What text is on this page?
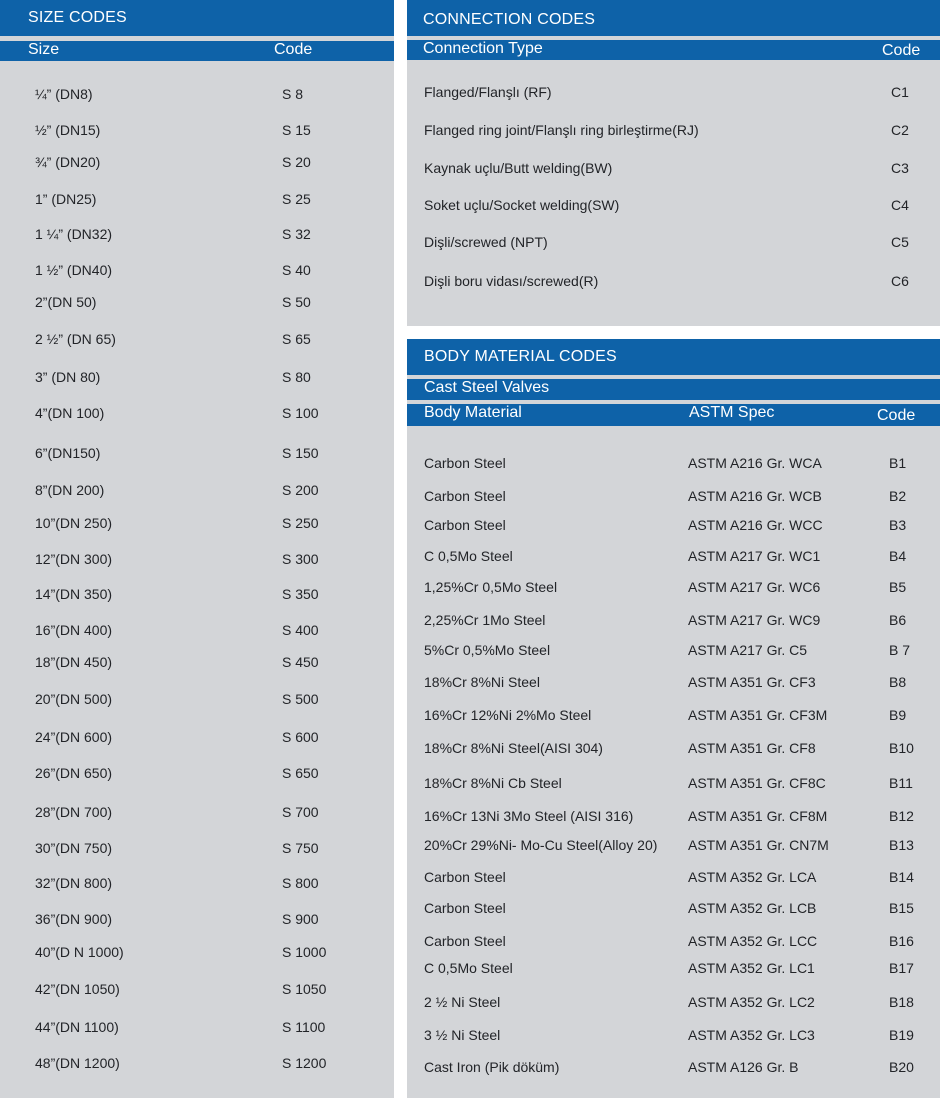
SIZE CODES
Size	Code
¼” (DN8)	S 8
½” (DN15)	S 15
¾” (DN20)	S 20
1” (DN25)	S 25
1 ¼” (DN32)	S 32
1 ½” (DN40)	S 40
2”(DN 50)	S 50
2 ½” (DN 65)	S 65
3” (DN 80)	S 80
4”(DN 100)	S 100
6”(DN150)	S 150
8”(DN 200)	S 200
10”(DN 250)	S 250
12”(DN 300)	S 300
14”(DN 350)	S 350
16”(DN 400)	S 400
18”(DN 450)	S 450
20”(DN 500)	S 500
24”(DN 600)	S 600
26”(DN 650)	S 650
28”(DN 700)	S 700
30”(DN 750)	S 750
32”(DN 800)	S 800
36”(DN 900)	S 900
40”(D N 1000)	S 1000
42”(DN 1050)	S 1050
44”(DN 1100)	S 1100
48”(DN 1200)	S 1200
CONNECTION CODES
Connection Type	Code
Flanged/Flanşlı (RF)	C1
Flanged ring joint/Flanşlı ring birleştirme(RJ)	C2
Kaynak uçlu/Butt welding(BW)	C3
Soket uçlu/Socket welding(SW)	C4
Dişli/screwed (NPT)	C5
Dişli boru vidası/screwed(R)	C6
BODY MATERIAL CODES
Cast Steel Valves
Body Material	ASTM Spec	Code
Carbon Steel	ASTM A216 Gr. WCA	B1
Carbon Steel	ASTM A216 Gr. WCB	B2
Carbon Steel	ASTM A216 Gr. WCC	B3
C 0,5Mo Steel	ASTM A217 Gr. WC1	B4
1,25%Cr 0,5Mo Steel	ASTM A217 Gr. WC6	B5
2,25%Cr 1Mo Steel	ASTM A217 Gr. WC9	B6
5%Cr 0,5%Mo Steel	ASTM A217 Gr. C5	B 7
18%Cr 8%Ni Steel	ASTM A351 Gr. CF3	B8
16%Cr 12%Ni 2%Mo Steel	ASTM A351 Gr. CF3M	B9
18%Cr 8%Ni Steel(AISI 304)	ASTM A351 Gr. CF8	B10
18%Cr 8%Ni Cb Steel	ASTM A351 Gr. CF8C	B11
16%Cr 13Ni 3Mo Steel (AISI 316)	ASTM A351 Gr. CF8M	B12
20%Cr 29%Ni- Mo-Cu Steel(Alloy 20) ASTM A351 Gr. CN7M	B13
Carbon Steel	ASTM A352 Gr. LCA	B14
Carbon Steel	ASTM A352 Gr. LCB	B15
Carbon Steel	ASTM A352 Gr. LCC	B16
C 0,5Mo Steel	ASTM A352 Gr. LC1	B17
2 ½ Ni Steel	ASTM A352 Gr. LC2	B18
3 ½ Ni Steel	ASTM A352 Gr. LC3	B19
Cast Iron (Pik döküm)	ASTM A126 Gr. B	B20
